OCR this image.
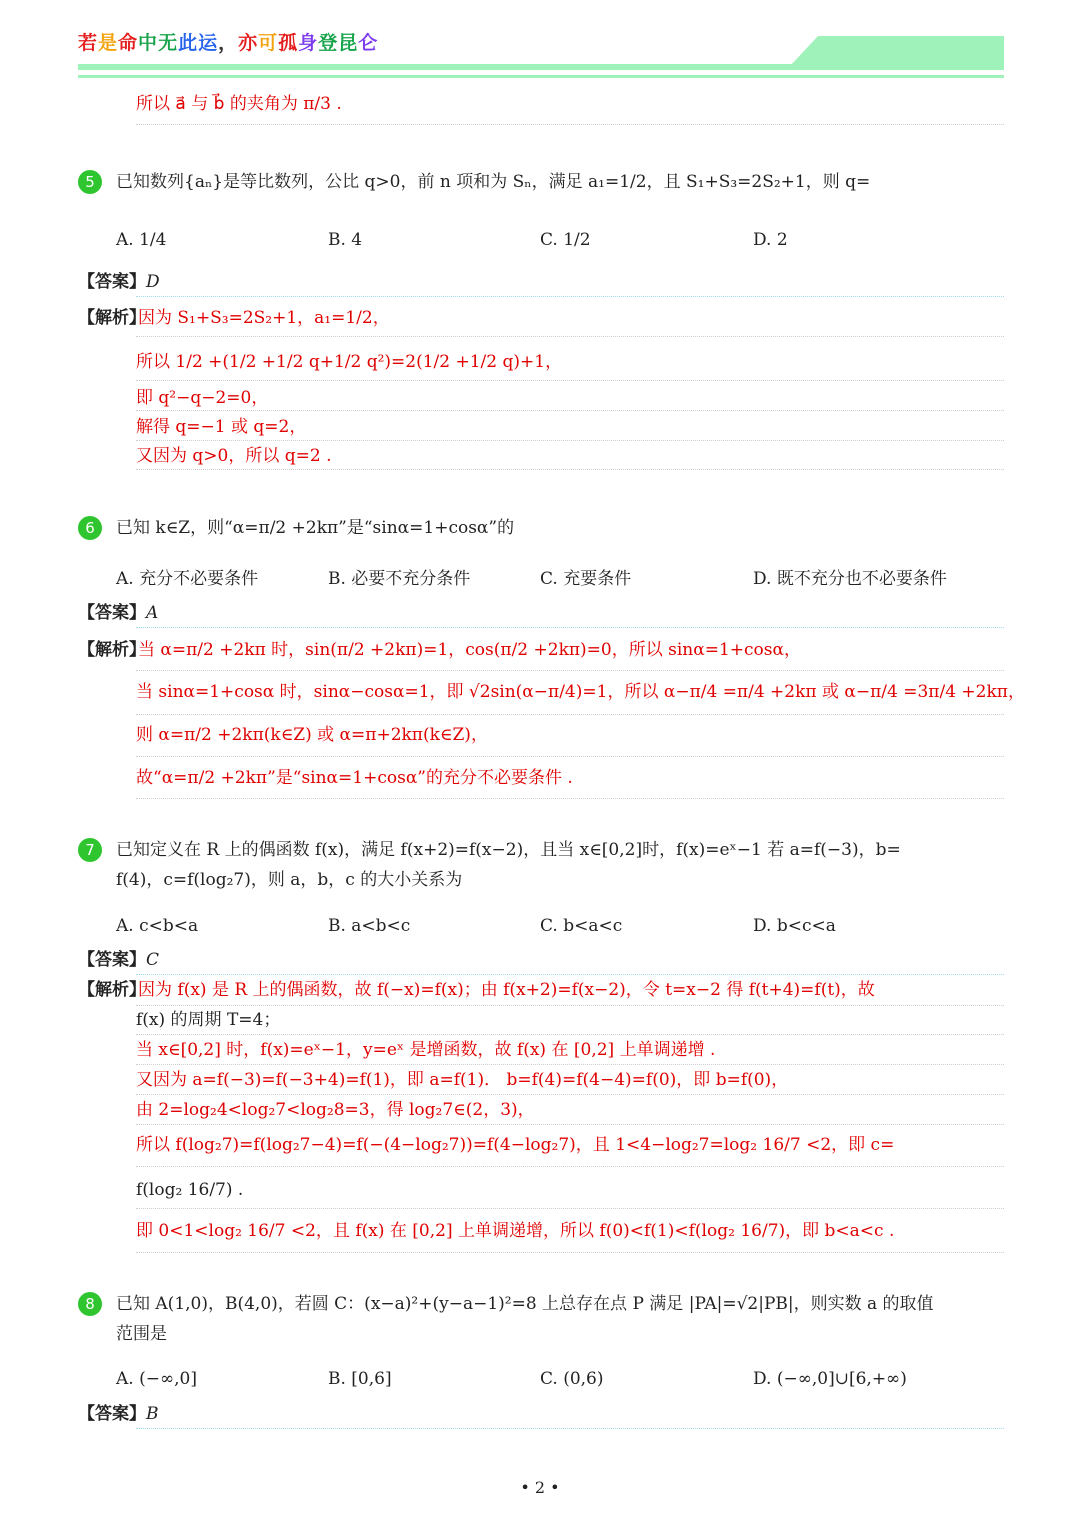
若是命中无此运，亦可孤身登昆仑
所以 a⃗ 与 b⃗ 的夹角为 π/3 .
5	已知数列{aₙ}是等比数列，公比 q>0，前 n 项和为 Sₙ，满足 a₁=1/2，且 S₁+S₃=2S₂+1，则 q=
A. 1/4	B. 4	C. 1/2	D. 2
【答案】D
【解析】
因为 S₁+S₃=2S₂+1，a₁=1/2，
所以 1/2 +(1/2 +1/2 q+1/2 q²)=2(1/2 +1/2 q)+1，
即 q²−q−2=0，
解得 q=−1 或 q=2，
又因为 q>0，所以 q=2 .
6	已知 k∈Z，则“α=π/2 +2kπ”是“sinα=1+cosα”的
A. 充分不必要条件	B. 必要不充分条件	C. 充要条件	D. 既不充分也不必要条件
【答案】A
【解析】
当 α=π/2 +2kπ 时，sin(π/2 +2kπ)=1，cos(π/2 +2kπ)=0，所以 sinα=1+cosα，
当 sinα=1+cosα 时，sinα−cosα=1，即 √2sin(α−π/4)=1，所以 α−π/4 =π/4 +2kπ 或 α−π/4 =3π/4 +2kπ，
则 α=π/2 +2kπ(k∈Z) 或 α=π+2kπ(k∈Z)，
故“α=π/2 +2kπ”是“sinα=1+cosα”的充分不必要条件 .
7	已知定义在 R 上的偶函数 f(x)，满足 f(x+2)=f(x−2)，且当 x∈[0,2]时，f(x)=eˣ−1 若 a=f(−3)，b=
f(4)，c=f(log₂7)，则 a，b，c 的大小关系为
A. c<b<a	B. a<b<c	C. b<a<c	D. b<c<a
【答案】C
【解析】
因为 f(x) 是 R 上的偶函数，故 f(−x)=f(x)；由 f(x+2)=f(x−2)，令 t=x−2 得 f(t+4)=f(t)，故
f(x) 的周期 T=4；
当 x∈[0,2] 时，f(x)=eˣ−1，y=eˣ 是增函数，故 f(x) 在 [0,2] 上单调递增 .
又因为 a=f(−3)=f(−3+4)=f(1)，即 a=f(1)． b=f(4)=f(4−4)=f(0)，即 b=f(0)，
由 2=log₂4<log₂7<log₂8=3，得 log₂7∈(2，3)，
所以 f(log₂7)=f(log₂7−4)=f(−(4−log₂7))=f(4−log₂7)，且 1<4−log₂7=log₂ 16/7 <2，即 c=
f(log₂ 16/7) .
即 0<1<log₂ 16/7 <2，且 f(x) 在 [0,2] 上单调递增，所以 f(0)<f(1)<f(log₂ 16/7)，即 b<a<c .
8	已知 A(1,0)，B(4,0)，若圆 C：(x−a)²+(y−a−1)²=8 上总存在点 P 满足 |PA|=√2|PB|，则实数 a 的取值
范围是
A. (−∞,0]	B. [0,6]	C. (0,6)	D. (−∞,0]∪[6,+∞)
【答案】B
• 2 •
